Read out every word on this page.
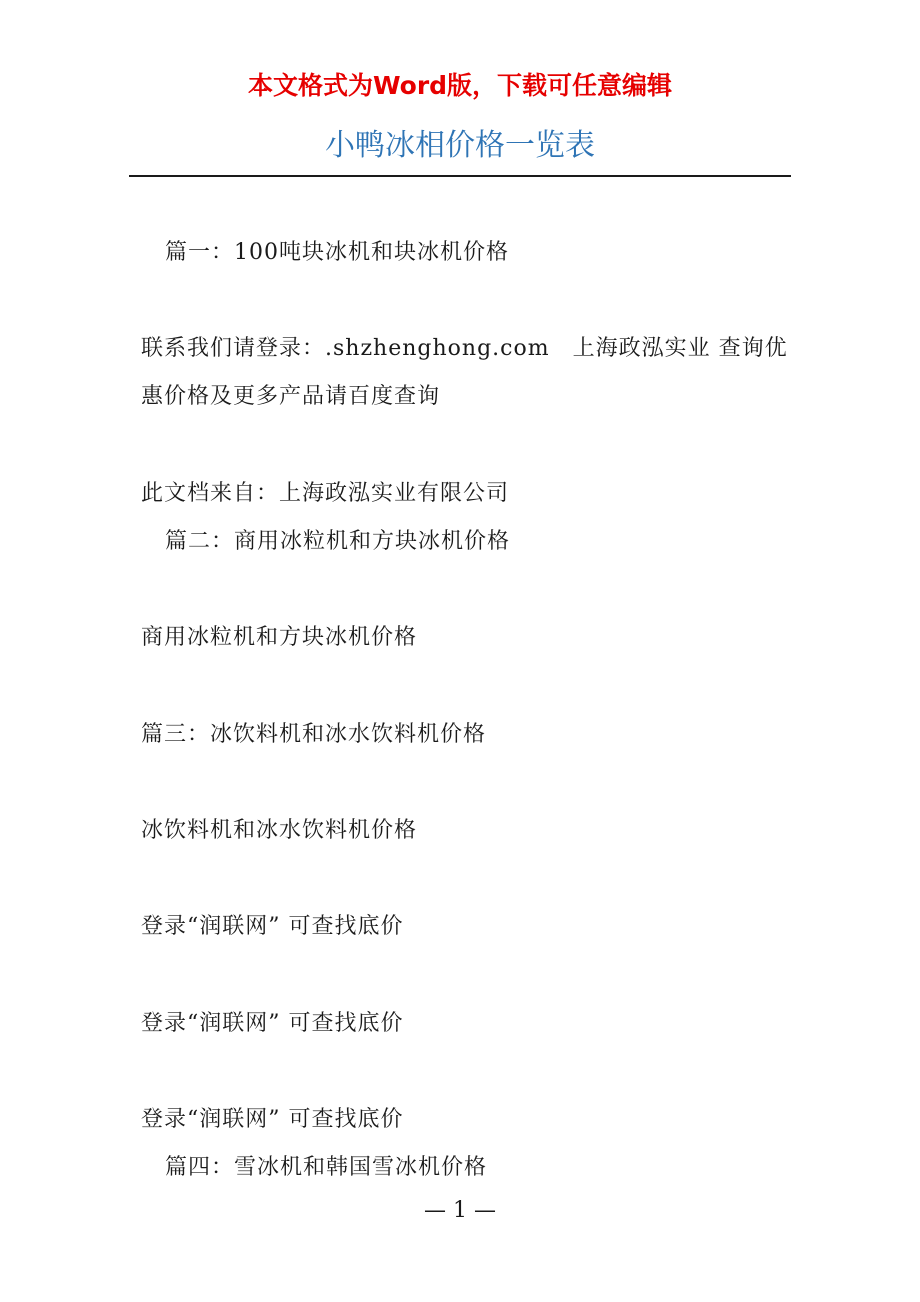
本文格式为Word版，下载可任意编辑
小鸭冰相价格一览表
篇一：100吨块冰机和块冰机价格
联系我们请登录：.shzhenghong.com　上海政泓实业 查询优
惠价格及更多产品请百度查询
此文档来自：上海政泓实业有限公司
篇二：商用冰粒机和方块冰机价格
商用冰粒机和方块冰机价格
篇三：冰饮料机和冰水饮料机价格
冰饮料机和冰水饮料机价格
登录“润联网” 可查找底价
登录“润联网” 可查找底价
登录“润联网” 可查找底价
篇四：雪冰机和韩国雪冰机价格
— 1 —
